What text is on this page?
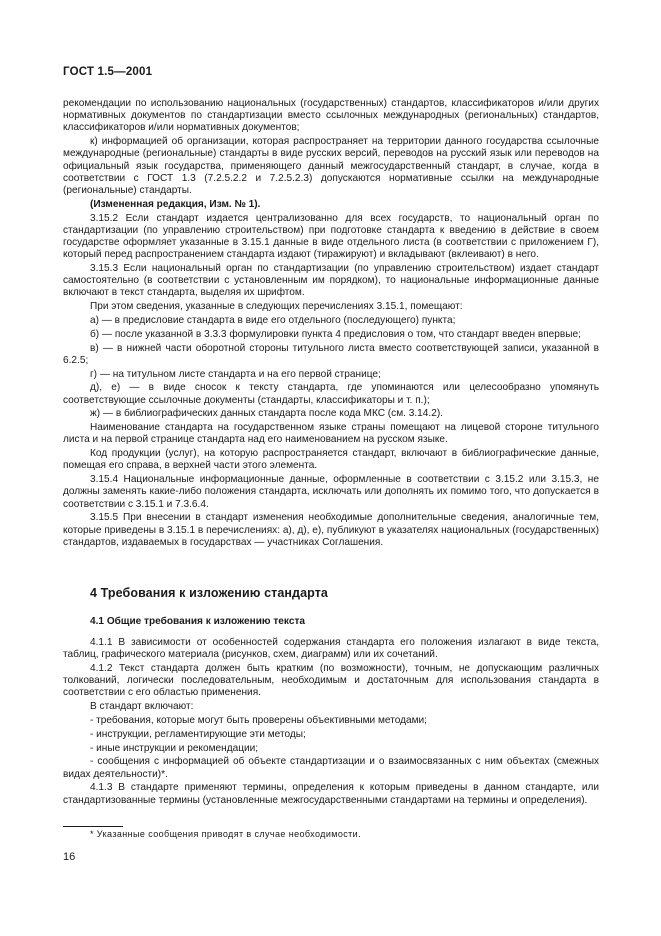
ГОСТ 1.5—2001

рекомендации по использованию национальных (государственных) стандартов, классификаторов и/или других нормативных документов по стандартизации вместо ссылочных международных (региональных) стандартов, классификаторов и/или нормативных документов;

к) информацией об организации, которая распространяет на территории данного государства ссылочные международные (региональные) стандарты в виде русских версий, переводов на русский язык или переводов на официальный язык государства, применяющего данный межгосударственный стандарт, в случае, когда в соответствии с ГОСТ 1.3 (7.2.5.2.2 и 7.2.5.2.3) допускаются нормативные ссылки на международные (региональные) стандарты.

(Измененная редакция, Изм. № 1).

3.15.2 Если стандарт издается централизованно для всех государств, то национальный орган по стандартизации (по управлению строительством) при подготовке стандарта к введению в действие в своем государстве оформляет указанные в 3.15.1 данные в виде отдельного листа (в соответствии с приложением Г), который перед распространением стандарта издают (тиражируют) и вкладывают (вклеивают) в него.

3.15.3 Если национальный орган по стандартизации (по управлению строительством) издает стандарт самостоятельно (в соответствии с установленным им порядком), то национальные информационные данные включают в текст стандарта, выделяя их шрифтом.

При этом сведения, указанные в следующих перечислениях 3.15.1, помещают:

а) — в предисловие стандарта в виде его отдельного (последующего) пункта;

б) — после указанной в 3.3.3 формулировки пункта 4 предисловия о том, что стандарт введен впервые;

в) — в нижней части оборотной стороны титульного листа вместо соответствующей записи, указанной в 6.2.5;

г) — на титульном листе стандарта и на его первой странице;

д), е) — в виде сносок к тексту стандарта, где упоминаются или целесообразно упомянуть соответствующие ссылочные документы (стандарты, классификаторы и т. п.);

ж) — в библиографических данных стандарта после кода МКС (см. 3.14.2).

Наименование стандарта на государственном языке страны помещают на лицевой стороне титульного листа и на первой странице стандарта над его наименованием на русском языке.

Код продукции (услуг), на которую распространяется стандарт, включают в библиографические данные, помещая его справа, в верхней части этого элемента.

3.15.4 Национальные информационные данные, оформленные в соответствии с 3.15.2 или 3.15.3, не должны заменять какие-либо положения стандарта, исключать или дополнять их помимо того, что допускается в соответствии с 3.15.1 и 7.3.6.4.

3.15.5 При внесении в стандарт изменения необходимые дополнительные сведения, аналогичные тем, которые приведены в 3.15.1 в перечислениях: а), д), е), публикуют в указателях национальных (государственных) стандартов, издаваемых в государствах — участниках Соглашения.

4 Требования к изложению стандарта
4.1 Общие требования к изложению текста

4.1.1 В зависимости от особенностей содержания стандарта его положения излагают в виде текста, таблиц, графического материала (рисунков, схем, диаграмм) или их сочетаний.

4.1.2 Текст стандарта должен быть кратким (по возможности), точным, не допускающим различных толкований, логически последовательным, необходимым и достаточным для использования стандарта в соответствии с его областью применения.

В стандарт включают:

- требования, которые могут быть проверены объективными методами;

- инструкции, регламентирующие эти методы;

- иные инструкции и рекомендации;

- сообщения с информацией об объекте стандартизации и о взаимосвязанных с ним объектах (смежных видах деятельности)*.

4.1.3 В стандарте применяют термины, определения к которым приведены в данном стандарте, или стандартизованные термины (установленные межгосударственными стандартами на термины и определения).

* Указанные сообщения приводят в случае необходимости.
16
